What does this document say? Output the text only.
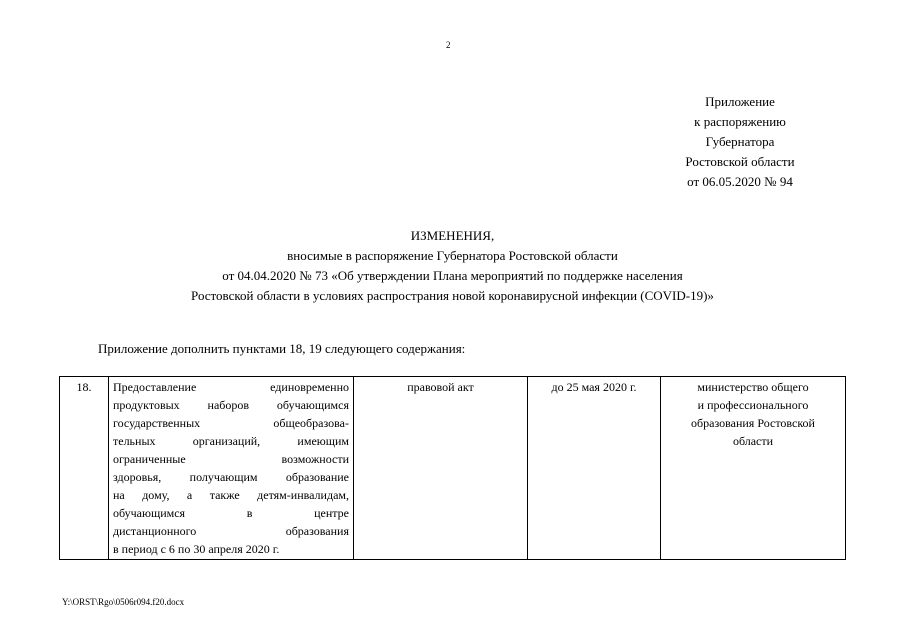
2
Приложение
к распоряжению
Губернатора
Ростовской области
от 06.05.2020 № 94
ИЗМЕНЕНИЯ,
вносимые в распоряжение Губернатора Ростовской области
от 04.04.2020 № 73 «Об утверждении Плана мероприятий по поддержке населения
Ростовской области в условиях распространия новой коронавирусной инфекции (COVID-19)»
Приложение дополнить пунктами 18, 19 следующего содержания:
18.	Предоставление единовременно
продуктовых наборов обучающимся
государственных общеобразова-
тельных организаций, имеющим
ограниченные возможности
здоровья, получающим образование
на дому, а также детям-инвалидам,
обучающимся в центре
дистанционного образования
в период с 6 по 30 апреля 2020 г.
	правовой акт	до 25 мая 2020 г.	министерство общего
и профессионального
образования Ростовской
области
Y:\ORST\Rgo\0506r094.f20.docx
